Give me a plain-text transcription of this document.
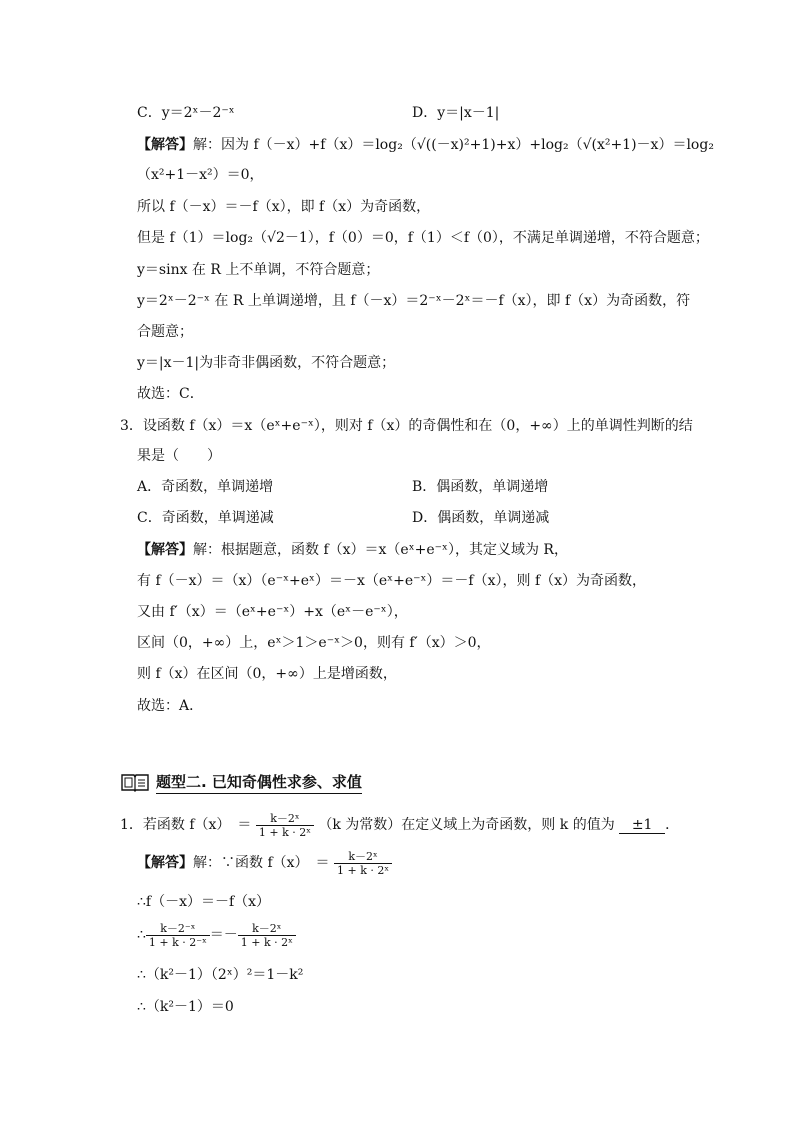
C．y＝2ˣ－2⁻ˣ	D．y＝|x－1|
【解答】解：因为 f（－x）+f（x）＝log₂（√((－x)²+1)+x）+log₂（√(x²+1)－x）＝log₂
（x²+1－x²）＝0，
所以 f（－x）＝－f（x），即 f（x）为奇函数，
但是 f（1）＝log₂（√2－1），f（0）＝0，f（1）＜f（0），不满足单调递增，不符合题意；
y＝sinx 在 R 上不单调，不符合题意；
y＝2ˣ－2⁻ˣ 在 R 上单调递增，且 f（－x）＝2⁻ˣ－2ˣ＝－f（x），即 f（x）为奇函数，符
合题意；
y＝|x－1|为非奇非偶函数，不符合题意；
故选：C．
3．设函数 f（x）＝x（eˣ+e⁻ˣ），则对 f（x）的奇偶性和在（0，+∞）上的单调性判断的结
果是（　　）
A．奇函数，单调递增	B．偶函数，单调递增
C．奇函数，单调递减	D．偶函数，单调递减
【解答】解：根据题意，函数 f（x）＝x（eˣ+e⁻ˣ），其定义域为 R，
有 f（－x）＝（x）（e⁻ˣ+eˣ）＝－x（eˣ+e⁻ˣ）＝－f（x），则 f（x）为奇函数，
又由 f′（x）＝（eˣ+e⁻ˣ）+x（eˣ－e⁻ˣ），
区间（0，+∞）上，eˣ＞1＞e⁻ˣ＞0，则有 f′（x）＞0，
则 f（x）在区间（0，+∞）上是增函数，
故选：A．
题型二. 已知奇偶性求参、求值
1．若函数 f（x）　＝ $\frac{\text{k－2ˣ}}{\text{1 + k · 2ˣ}} (k$ 为常数）在定义域上为奇函数，则 k 的值为 ±1 ．
【解答】解：∵函数 f（x）　＝ $\frac{\text{k－2ˣ}}{\text{1 + k · 2ˣ}}$
∴f（－x）＝－f（x）
∴ $\frac{\text{k－2⁻ˣ}}{\text{1 + k · 2⁻ˣ}} =- \frac{\text{k－2ˣ}}{\text{1 + k · 2ˣ}}$
∴（k²－1）（2ˣ）²＝1－k²
∴（k²－1）＝0
